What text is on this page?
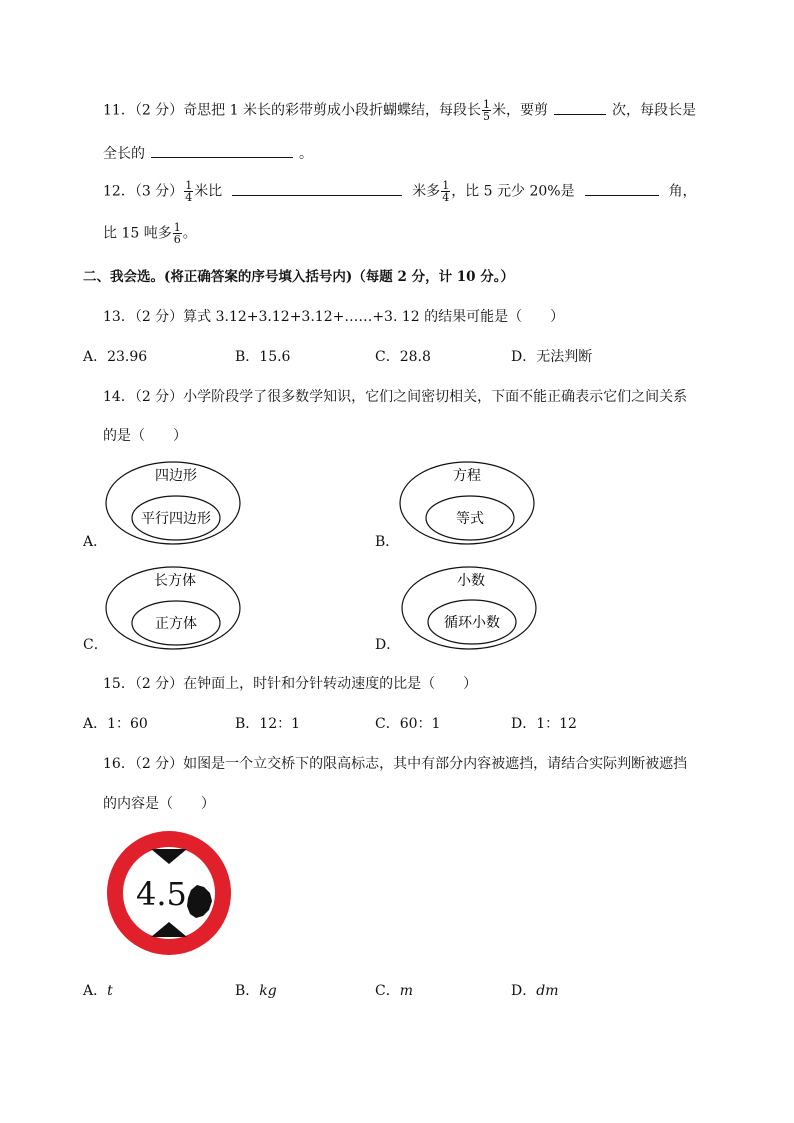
11．（2 分）奇思把 1 米长的彩带剪成小段折蝴蝶结，每段长 $\frac{1}{5}$ 米，要剪	次，每段长是
全长的	。
12．（3 分） $\frac{1}{4}$ 米比	米多 $\frac{1}{4}$ ，比 5 元少 20%是	角，
比 15 吨多 $\frac{1}{6}$ 。
二、我会选。(将正确答案的序号填入括号内)（每题 2 分，计 10 分。）
13．（2 分）算式 3.12+3.12+3.12+……+3. 12 的结果可能是（　　）
A．23.96	B．15.6	C．28.8	D．无法判断
14．（2 分）小学阶段学了很多数学知识，它们之间密切相关，下面不能正确表示它们之间关系
的是（　　）
A．
四边形
平行四边形
B．
方程
等式
C．
长方体
正方体
D．
小数
循环小数
15．（2 分）在钟面上，时针和分针转动速度的比是（　　）
A．1：60	B．12：1	C．60：1	D．1：12
16．（2 分）如图是一个立交桥下的限高标志，其中有部分内容被遮挡，请结合实际判断被遮挡
的内容是（　　）
4.5
A．t	B．kg	C．m	D．dm
